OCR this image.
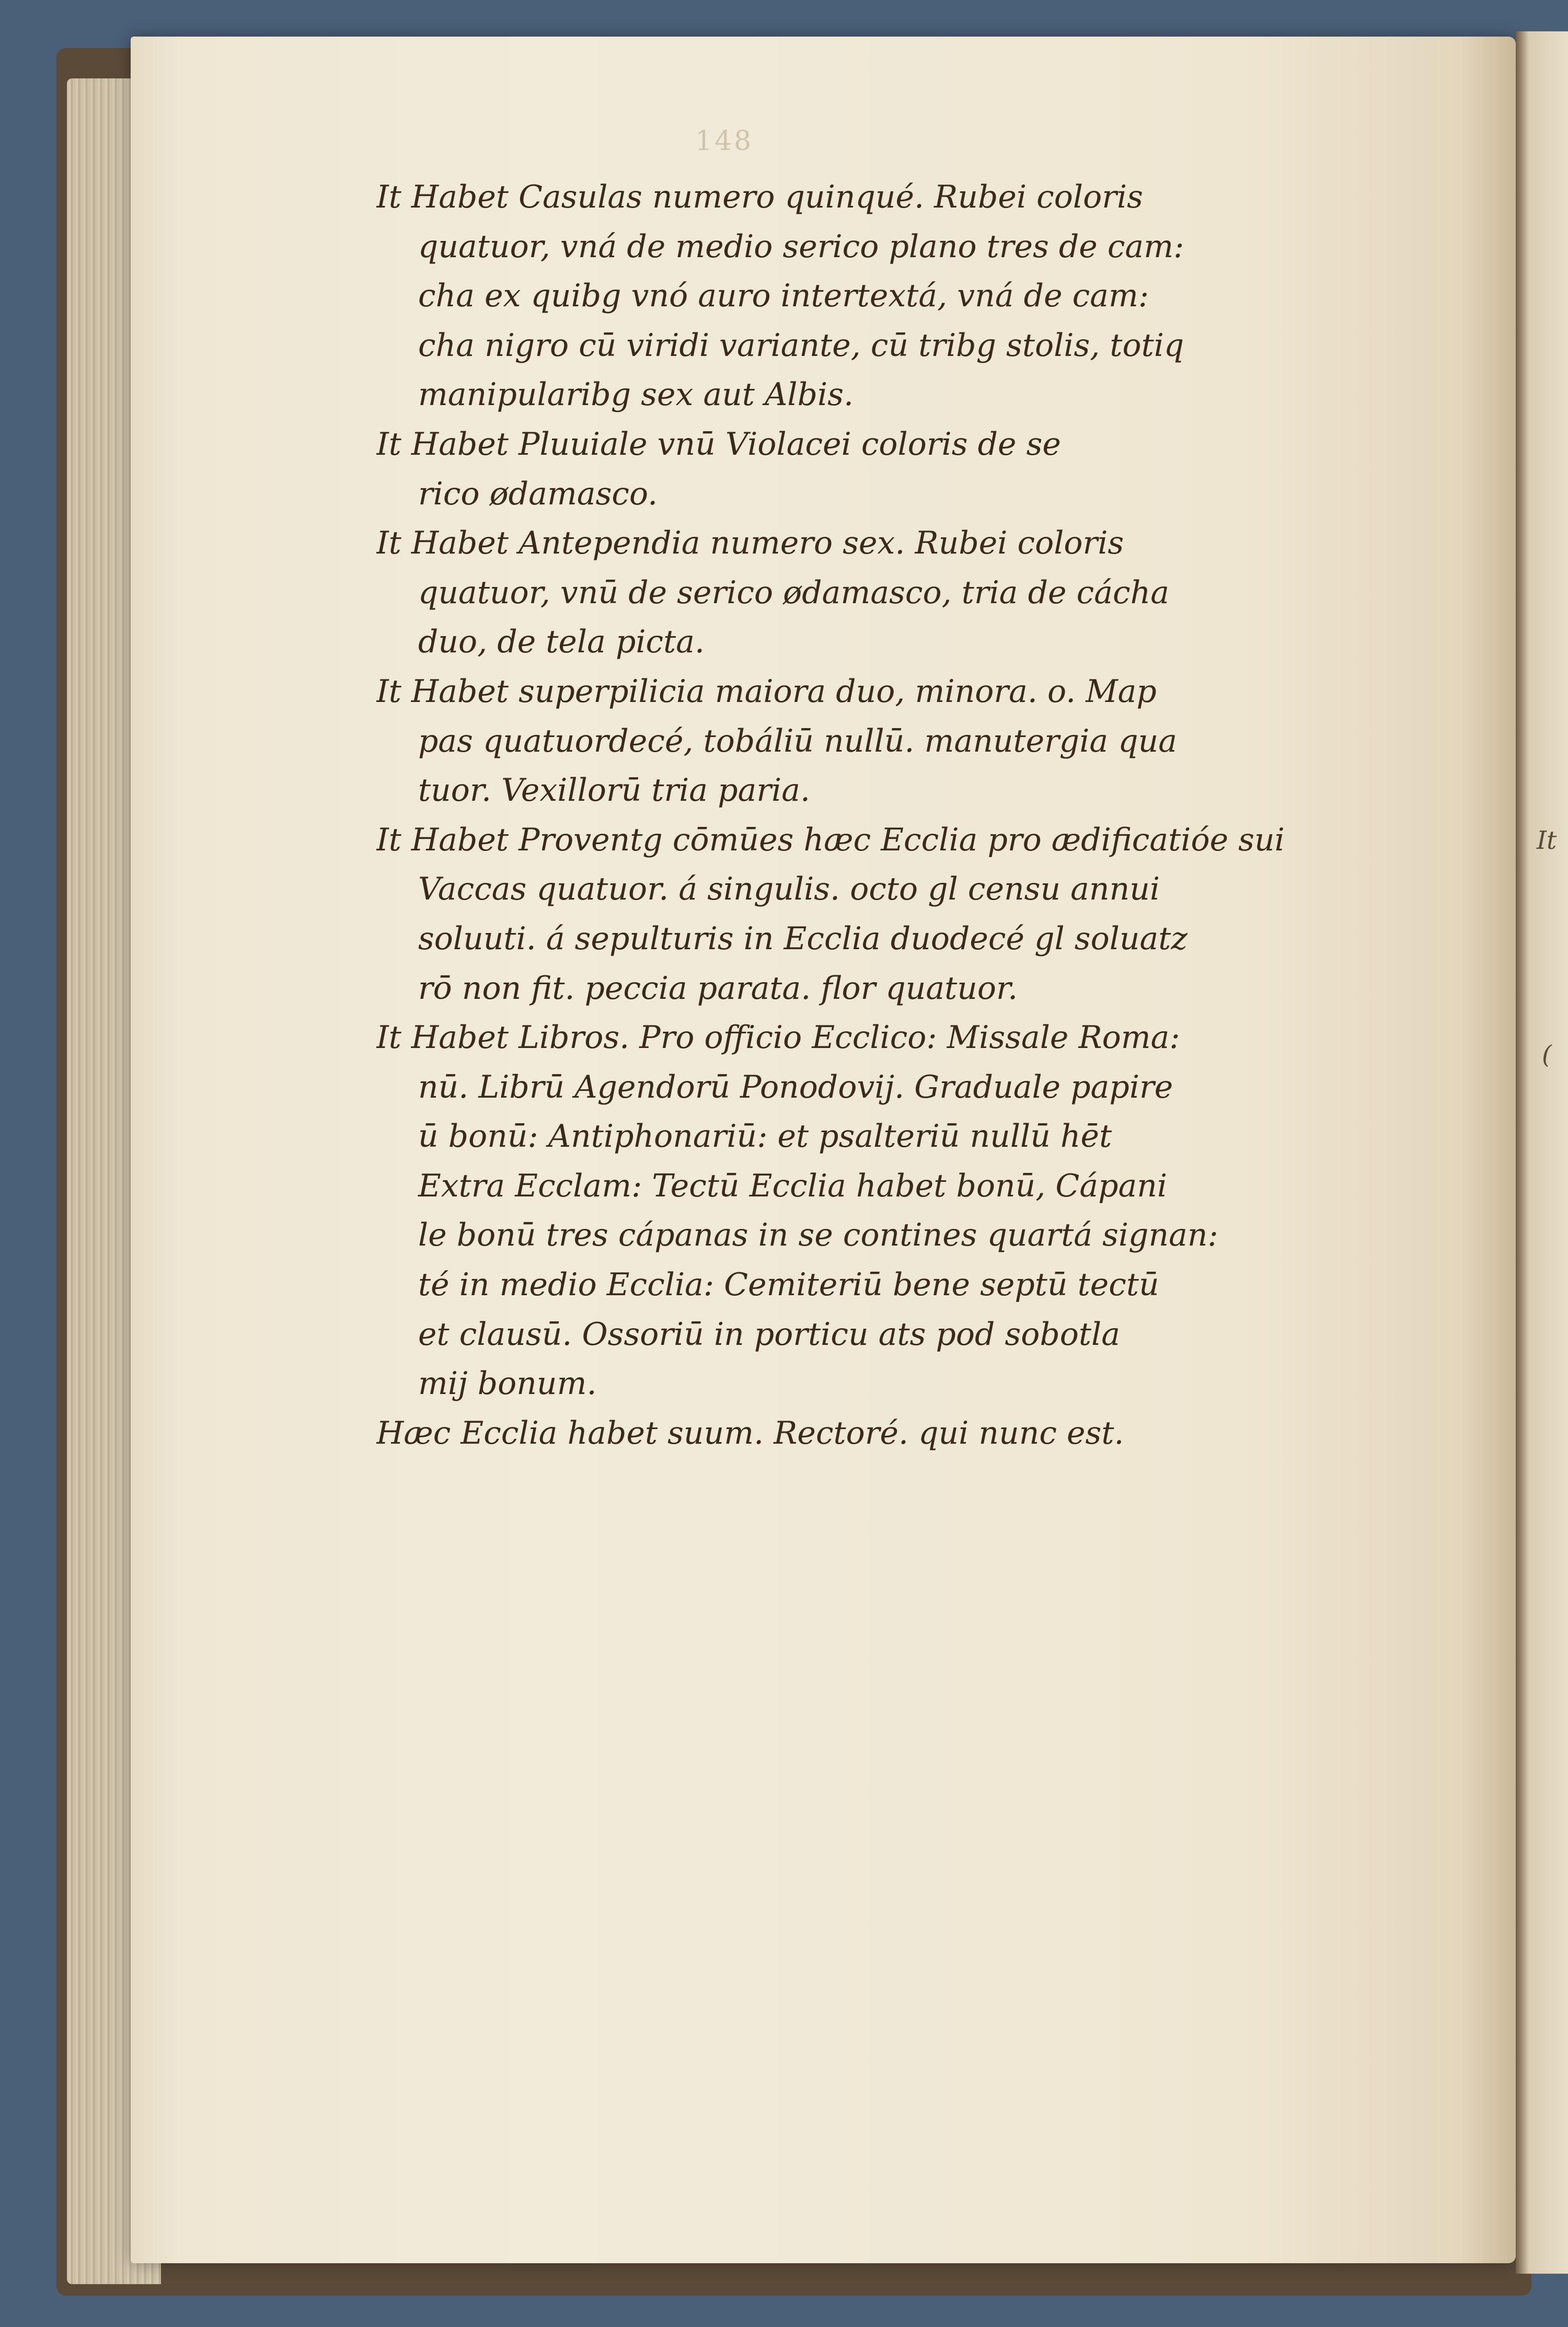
148
It Habet Casulas numero quinqué. Rubei coloris
quatuor, vná de medio serico plano tres de cam:
cha ex quibg vnó auro intertextá, vná de cam:
cha nigro cū viridi variante, cū tribg stolis, totiq
manipularibg sex aut Albis.
It Habet Pluuiale vnū Violacei coloris de se
rico ødamasco.
It Habet Antependia numero sex. Rubei coloris
quatuor, vnū de serico ødamasco, tria de cácha
duo, de tela picta.
It Habet superpilicia maiora duo, minora. o. Map
pas quatuordecé, tobáliū nullū. manutergia qua
tuor. Vexillorū tria paria.
It Habet Proventg cōmūes hæc Ecclia pro ædificatióe sui
Vaccas quatuor. á singulis. octo gl censu annui
soluuti. á sepulturis in Ecclia duodecé gl soluatz
rō non fit. peccia parata. flor quatuor.
It Habet Libros. Pro officio Ecclico: Missale Roma:
nū. Librū Agendorū Ponodovij. Graduale papire
ū bonū: Antiphonariū: et psalteriū nullū hēt
Extra Ecclam: Tectū Ecclia habet bonū, Cápani
le bonū tres cápanas in se contines quartá signan:
té in medio Ecclia: Cemiteriū bene septū tectū
et clausū. Ossoriū in porticu ats pod sobotla
mij bonum.
Hæc Ecclia habet suum. Rectoré. qui nunc est.
It
(
